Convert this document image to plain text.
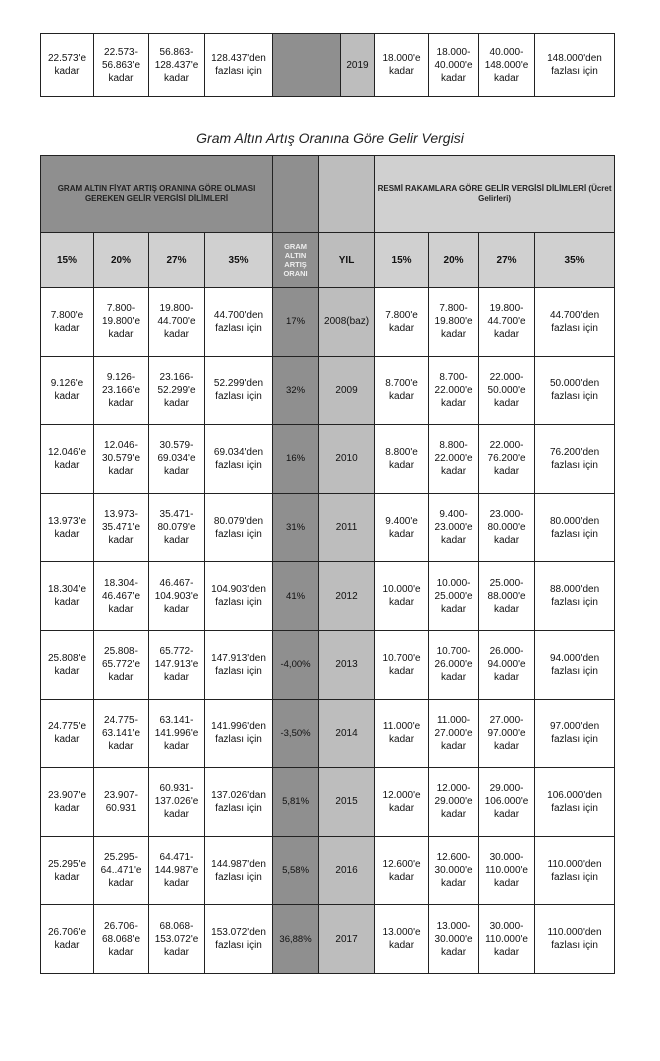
22.573'e
kadar	22.573-
56.863'e
kadar	56.863-
128.437'e
kadar	128.437'den
fazlası için		2019	18.000'e
kadar	18.000-
40.000'e
kadar	40.000-
148.000'e
kadar	148.000'den
fazlası için
Gram Altın Artış Oranına Göre Gelir Vergisi
GRAM ALTIN FİYAT ARTIŞ ORANINA GÖRE OLMASI GEREKEN GELİR VERGİSİ DİLİMLERİ						RESMİ RAKAMLARA GÖRE GELİR VERGİSİ DİLİMLERİ (Ücret Gelirleri)			
15%	20%	27%	35%	GRAM ALTIN ARTIŞ ORANI	YIL	15%	20%	27%	35%
7.800'e
kadar	7.800-
19.800'e
kadar	19.800-
44.700'e
kadar	44.700'den
fazlası için	17%	2008(baz)	7.800'e
kadar	7.800-
19.800'e
kadar	19.800-
44.700'e
kadar	44.700'den
fazlası için
9.126'e
kadar	9.126-
23.166'e
kadar	23.166-
52.299'e
kadar	52.299'den
fazlası için	32%	2009	8.700'e
kadar	8.700-
22.000'e
kadar	22.000-
50.000'e
kadar	50.000'den
fazlası için
12.046'e
kadar	12.046-
30.579'e
kadar	30.579-
69.034'e
kadar	69.034'den
fazlası için	16%	2010	8.800'e
kadar	8.800-
22.000'e
kadar	22.000-
76.200'e
kadar	76.200'den
fazlası için
13.973'e
kadar	13.973-
35.471'e
kadar	35.471-
80.079'e
kadar	80.079'den
fazlası için	31%	2011	9.400'e
kadar	9.400-
23.000'e
kadar	23.000-
80.000'e
kadar	80.000'den
fazlası için
18.304'e
kadar	18.304-
46.467'e
kadar	46.467-
104.903'e
kadar	104.903'den
fazlası için	41%	2012	10.000'e
kadar	10.000-
25.000'e
kadar	25.000-
88.000'e
kadar	88.000'den
fazlası için
25.808'e
kadar	25.808-
65.772'e
kadar	65.772-
147.913'e
kadar	147.913'den
fazlası için	-4,00%	2013	10.700'e
kadar	10.700-
26.000'e
kadar	26.000-
94.000'e
kadar	94.000'den
fazlası için
24.775'e
kadar	24.775-
63.141'e
kadar	63.141-
141.996'e
kadar	141.996'den
fazlası için	-3,50%	2014	11.000'e
kadar	11.000-
27.000'e
kadar	27.000-
97.000'e
kadar	97.000'den
fazlası için
23.907'e
kadar	23.907-
60.931	60.931-
137.026'e
kadar	137.026'dan
fazlası için	5,81%	2015	12.000'e
kadar	12.000-
29.000'e
kadar	29.000-
106.000'e
kadar	106.000'den
fazlası için
25.295'e
kadar	25.295-
64..471'e
kadar	64.471-
144.987'e
kadar	144.987'den
fazlası için	5,58%	2016	12.600'e
kadar	12.600-
30.000'e
kadar	30.000-
110.000'e
kadar	110.000'den
fazlası için
26.706'e
kadar	26.706-
68.068'e
kadar	68.068-
153.072'e
kadar	153.072'den
fazlası için	36,88%	2017	13.000'e
kadar	13.000-
30.000'e
kadar	30.000-
110.000'e
kadar	110.000'den
fazlası için
